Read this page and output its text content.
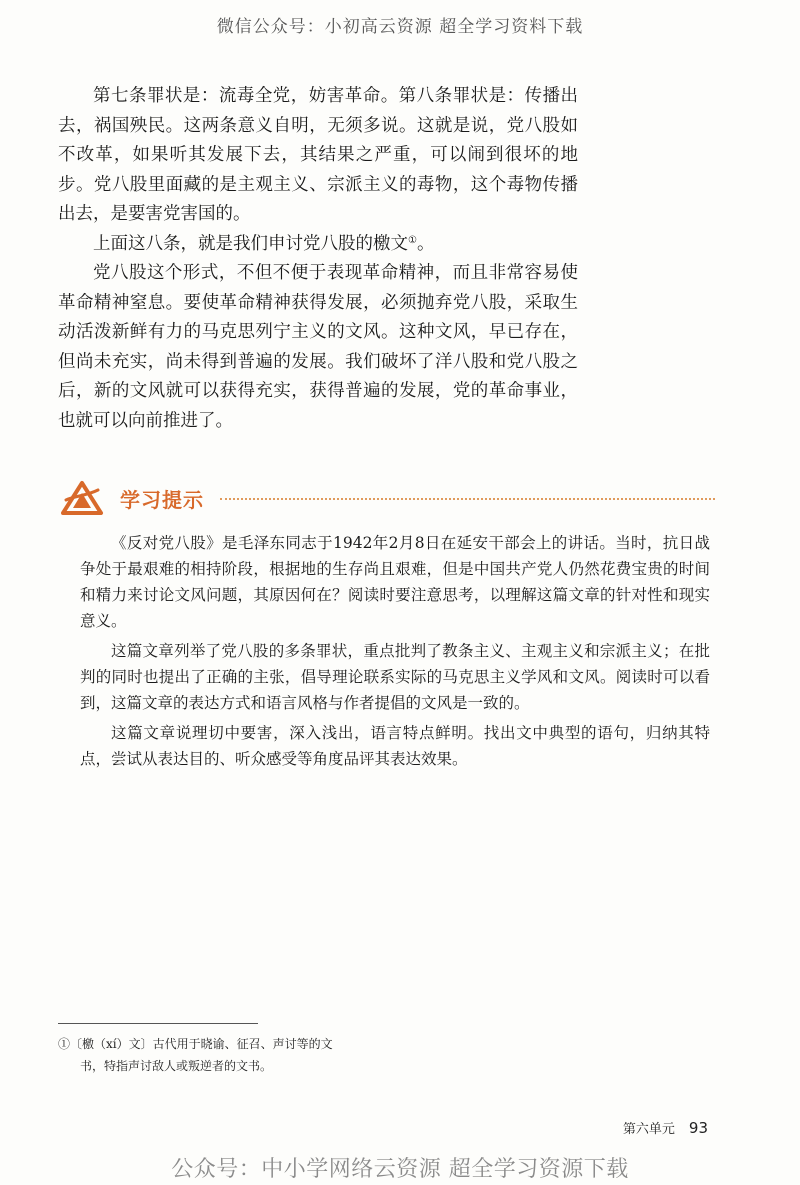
微信公众号：小初高云资源 超全学习资料下载

第七条罪状是：流毒全党，妨害革命。第八条罪状是：传播出去，祸国殃民。这两条意义自明，无须多说。这就是说，党八股如不改革，如果听其发展下去，其结果之严重，可以闹到很坏的地步。党八股里面藏的是主观主义、宗派主义的毒物，这个毒物传播出去，是要害党害国的。

上面这八条，就是我们申讨党八股的檄文①。

党八股这个形式，不但不便于表现革命精神，而且非常容易使革命精神窒息。要使革命精神获得发展，必须抛弃党八股，采取生动活泼新鲜有力的马克思列宁主义的文风。这种文风，早已存在，但尚未充实，尚未得到普遍的发展。我们破坏了洋八股和党八股之后，新的文风就可以获得充实，获得普遍的发展，党的革命事业，也就可以向前推进了。

学习提示

《反对党八股》是毛泽东同志于1942年2月8日在延安干部会上的讲话。当时，抗日战争处于最艰难的相持阶段，根据地的生存尚且艰难，但是中国共产党人仍然花费宝贵的时间和精力来讨论文风问题，其原因何在？阅读时要注意思考，以理解这篇文章的针对性和现实意义。

这篇文章列举了党八股的多条罪状，重点批判了教条主义、主观主义和宗派主义；在批判的同时也提出了正确的主张，倡导理论联系实际的马克思主义学风和文风。阅读时可以看到，这篇文章的表达方式和语言风格与作者提倡的文风是一致的。

这篇文章说理切中要害，深入浅出，语言特点鲜明。找出文中典型的语句，归纳其特点，尝试从表达目的、听众感受等角度品评其表达效果。

①〔檄（xí）文〕古代用于晓谕、征召、声讨等的文
书，特指声讨敌人或叛逆者的文书。
第六单元 93
公众号：中小学网络云资源 超全学习资源下载
